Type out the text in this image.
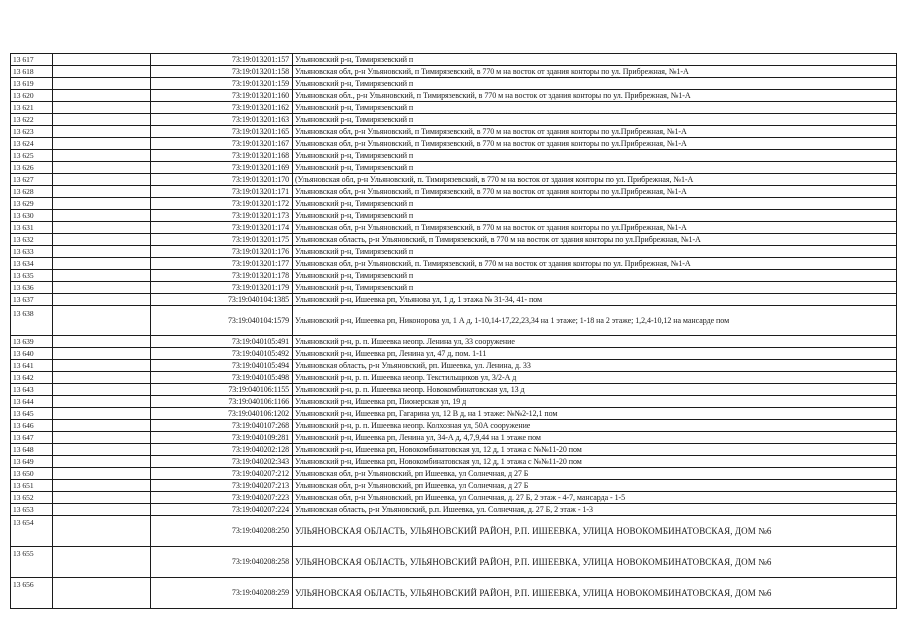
13 617		73:19:013201:157	Ульяновский р-н, Тимирязевский п
13 618		73:19:013201:158	Ульяновская обл, р-н Ульяновский, п Тимирязевский, в 770 м на восток от здания конторы по ул. Прибрежная, №1-А
13 619		73:19:013201:159	Ульяновский р-н, Тимирязевский п
13 620		73:19:013201:160	Ульяновская обл., р-н Ульяновский, п Тимирязевский, в 770 м на восток от здания конторы по ул. Прибрежная, №1-А
13 621		73:19:013201:162	Ульяновский р-н, Тимирязевский п
13 622		73:19:013201:163	Ульяновский р-н, Тимирязевский п
13 623		73:19:013201:165	Ульяновская обл, р-н Ульяновский, п Тимирязевский, в 770 м на восток от здания конторы по ул.Прибрежная, №1-А
13 624		73:19:013201:167	Ульяновская обл, р-н Ульяновский, п Тимирязевский, в 770 м на восток от здания конторы по ул.Прибрежная, №1-А
13 625		73:19:013201:168	Ульяновский р-н, Тимирязевский п
13 626		73:19:013201:169	Ульяновский р-н, Тимирязевский п
13 627		73:19:013201:170	(Ульяновская обл, р-н Ульяновский, п. Тимирязевский, в 770 м на восток от здания конторы по ул. Прибрежная, №1-А
13 628		73:19:013201:171	Ульяновская обл, р-н Ульяновский, п Тимирязевский, в 770 м на восток от здания конторы по ул.Прибрежная, №1-А
13 629		73:19:013201:172	Ульяновский р-н, Тимирязевский п
13 630		73:19:013201:173	Ульяновский р-н, Тимирязевский п
13 631		73:19:013201:174	Ульяновская обл, р-н Ульяновский, п Тимирязевский, в 770 м на восток от здания конторы по ул.Прибрежная, №1-А
13 632		73:19:013201:175	Ульяновская область, р-н Ульяновский, п Тимирязевский, в 770 м на восток от здания конторы по ул.Прибрежная, №1-А
13 633		73:19:013201:176	Ульяновский р-н, Тимирязевский п
13 634		73:19:013201:177	Ульяновская обл, р-н Ульяновский, п. Тимирязевский, в 770 м на восток от здания конторы по ул. Прибрежная, №1-А
13 635		73:19:013201:178	Ульяновский р-н, Тимирязевский п
13 636		73:19:013201:179	Ульяновский р-н, Тимирязевский п
13 637		73:19:040104:1385	Ульяновский р-н, Ишеевка рп, Ульянова ул, 1 д, 1 этажа № 31-34, 41- пом
13 638		73:19:040104:1579	Ульяновский р-н, Ишеевка рп, Никонорова ул, 1 А д, 1-10,14-17,22,23,34 на 1 этаже; 1-18 на 2 этаже; 1,2,4-10,12 на мансарде пом
13 639		73:19:040105:491	Ульяновский р-н, р. п. Ишеевка неопр. Ленина ул, 33 сооружение
13 640		73:19:040105:492	Ульяновский р-н, Ишеевка рп, Ленина ул, 47 д, пом. 1-11
13 641		73:19:040105:494	Ульяновская область, р-н Ульяновский, рп. Ишеевка, ул. Ленина, д. 33
13 642		73:19:040105:498	Ульяновский р-н, р. п. Ишеевка неопр. Текстильщиков ул, 3/2-А д
13 643		73:19:040106:1155	Ульяновский р-н, р. п. Ишеевка неопр. Новокомбинатовская ул, 13 д
13 644		73:19:040106:1166	Ульяновский р-н, Ишеевка рп, Пионерская ул, 19 д
13 645		73:19:040106:1202	Ульяновский р-н, Ишеевка рп, Гагарина ул, 12 В д, на 1 этаже: №№2-12,1 пом
13 646		73:19:040107:268	Ульяновский р-н, р. п. Ишеевка неопр. Колхозная ул, 50А сооружение
13 647		73:19:040109:281	Ульяновский р-н, Ишеевка рп, Ленина ул, 34-А д, 4,7,9,44 на 1 этаже пом
13 648		73:19:040202:128	Ульяновский р-н, Ишеевка рп, Новокомбинатовская ул, 12 д, 1 этажа с №№11-20 пом
13 649		73:19:040202:343	Ульяновский р-н, Ишеевка рп, Новокомбинатовская ул, 12 д, 1 этажа с №№11-20 пом
13 650		73:19:040207:212	Ульяновская обл, р-н Ульяновский, рп Ишеевка, ул Солнечная, д 27 Б
13 651		73:19:040207:213	Ульяновская обл, р-н Ульяновский, рп Ишеевка, ул Солнечная, д 27 Б
13 652		73:19:040207:223	Ульяновская обл, р-н Ульяновский, рп Ишеевка, ул Солнечная, д. 27 Б, 2 этаж - 4-7, мансарда - 1-5
13 653		73:19:040207:224	Ульяновская область, р-н Ульяновский, р.п. Ишеевка, ул. Солнечная, д. 27 Б, 2 этаж - 1-3
13 654		73:19:040208:250	УЛЬЯНОВСКАЯ ОБЛАСТЬ, УЛЬЯНОВСКИЙ РАЙОН, Р.П. ИШЕЕВКА, УЛИЦА НОВОКОМБИНАТОВСКАЯ, ДОМ №6
13 655		73:19:040208:258	УЛЬЯНОВСКАЯ ОБЛАСТЬ, УЛЬЯНОВСКИЙ РАЙОН, Р.П. ИШЕЕВКА, УЛИЦА НОВОКОМБИНАТОВСКАЯ, ДОМ №6
13 656		73:19:040208:259	УЛЬЯНОВСКАЯ ОБЛАСТЬ, УЛЬЯНОВСКИЙ РАЙОН, Р.П. ИШЕЕВКА, УЛИЦА НОВОКОМБИНАТОВСКАЯ, ДОМ №6
